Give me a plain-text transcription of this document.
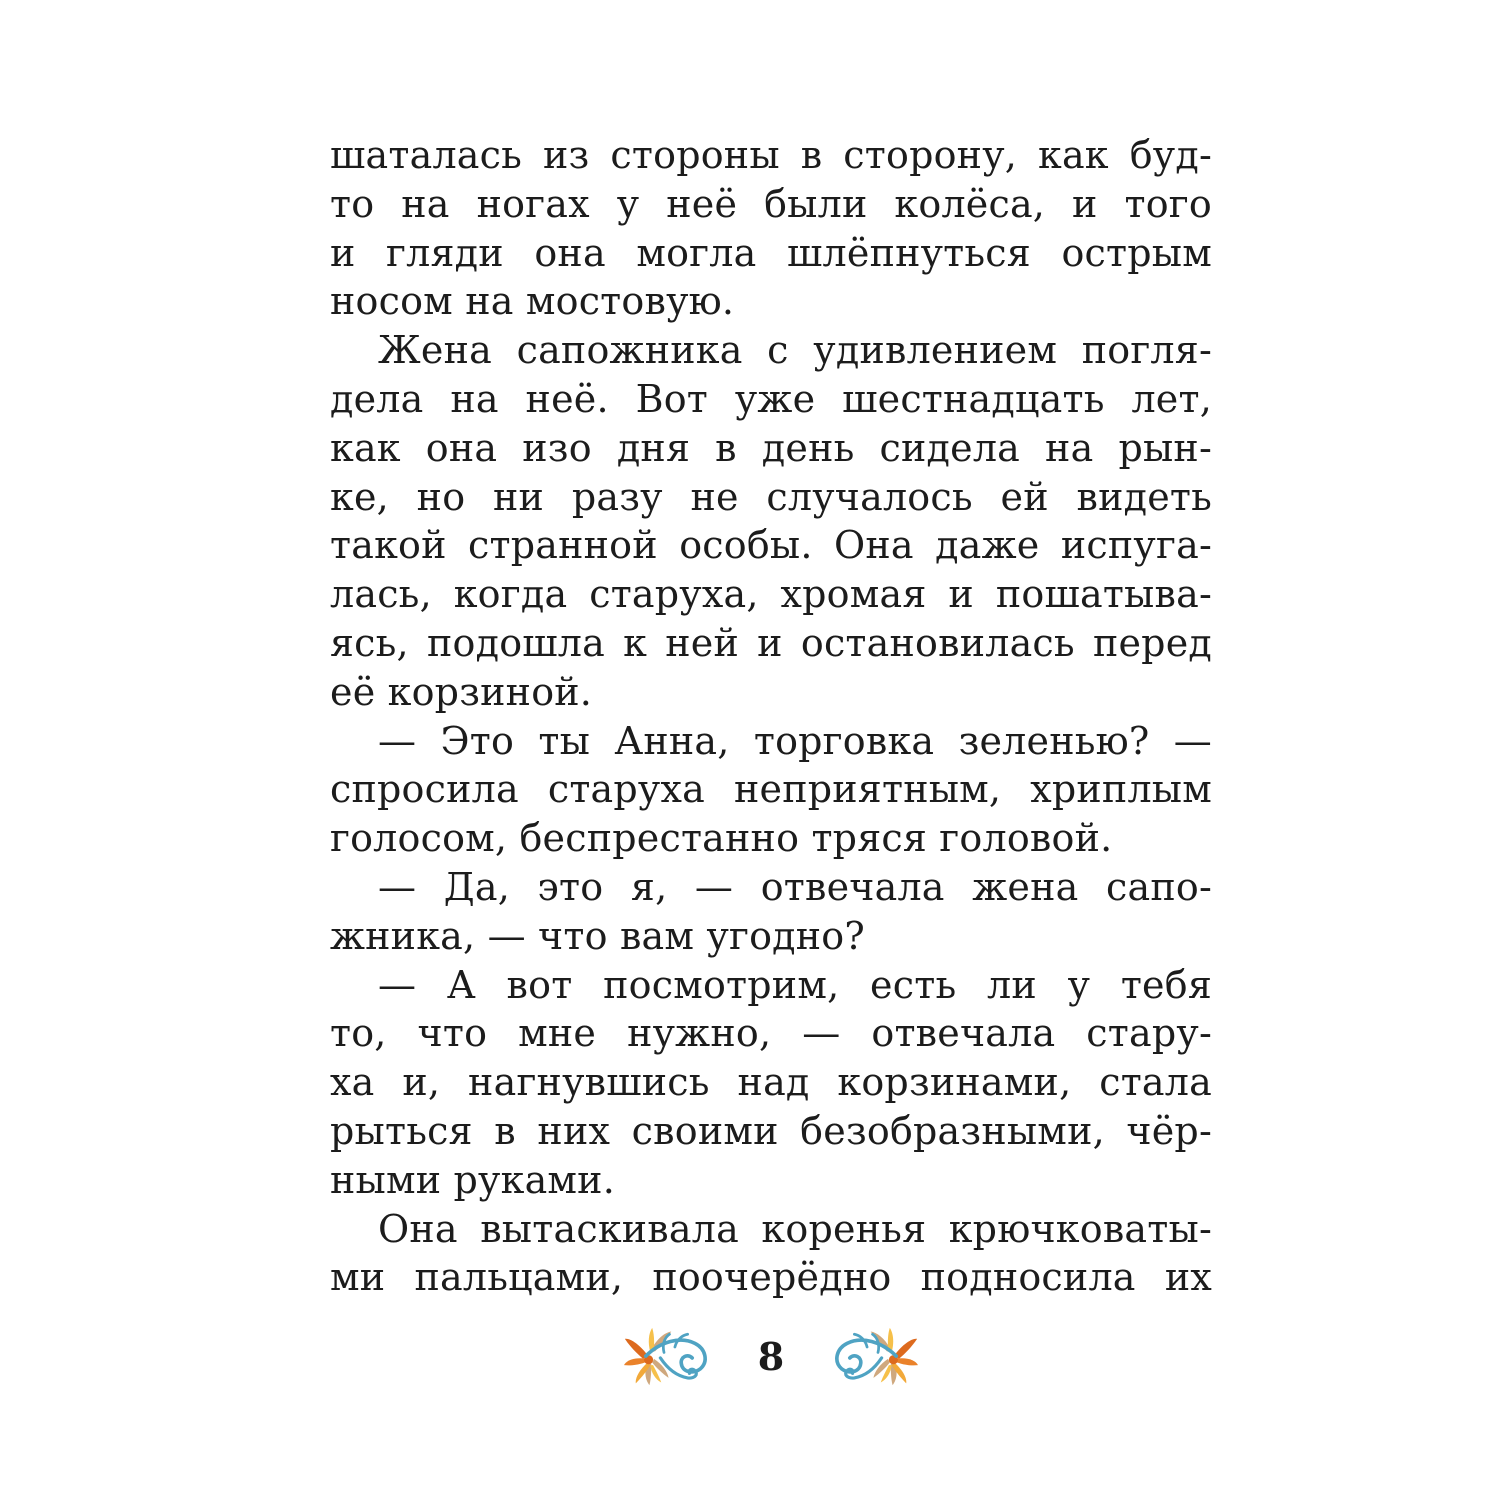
шаталась из стороны в сторону, как буд-
то на ногах у неё были колёса, и того
и гляди она могла шлёпнуться острым
носом на мостовую.
Жена сапожника с удивлением погля-
дела на неё. Вот уже шестнадцать лет,
как она изо дня в день сидела на рын-
ке, но ни разу не случалось ей видеть
такой странной особы. Она даже испуга-
лась, когда старуха, хромая и пошатыва-
ясь, подошла к ней и остановилась перед
её корзиной.
— Это ты Анна, торговка зеленью? —
спросила старуха неприятным, хриплым
голосом, беспрестанно тряся головой.
— Да, это я, — отвечала жена сапо-
жника, — что вам угодно?
— А вот посмотрим, есть ли у тебя
то, что мне нужно, — отвечала стару-
ха и, нагнувшись над корзинами, стала
рыться в них своими безобразными, чёр-
ными руками.
Она вытаскивала коренья крючковаты-
ми пальцами, поочерёдно подносила их
8
